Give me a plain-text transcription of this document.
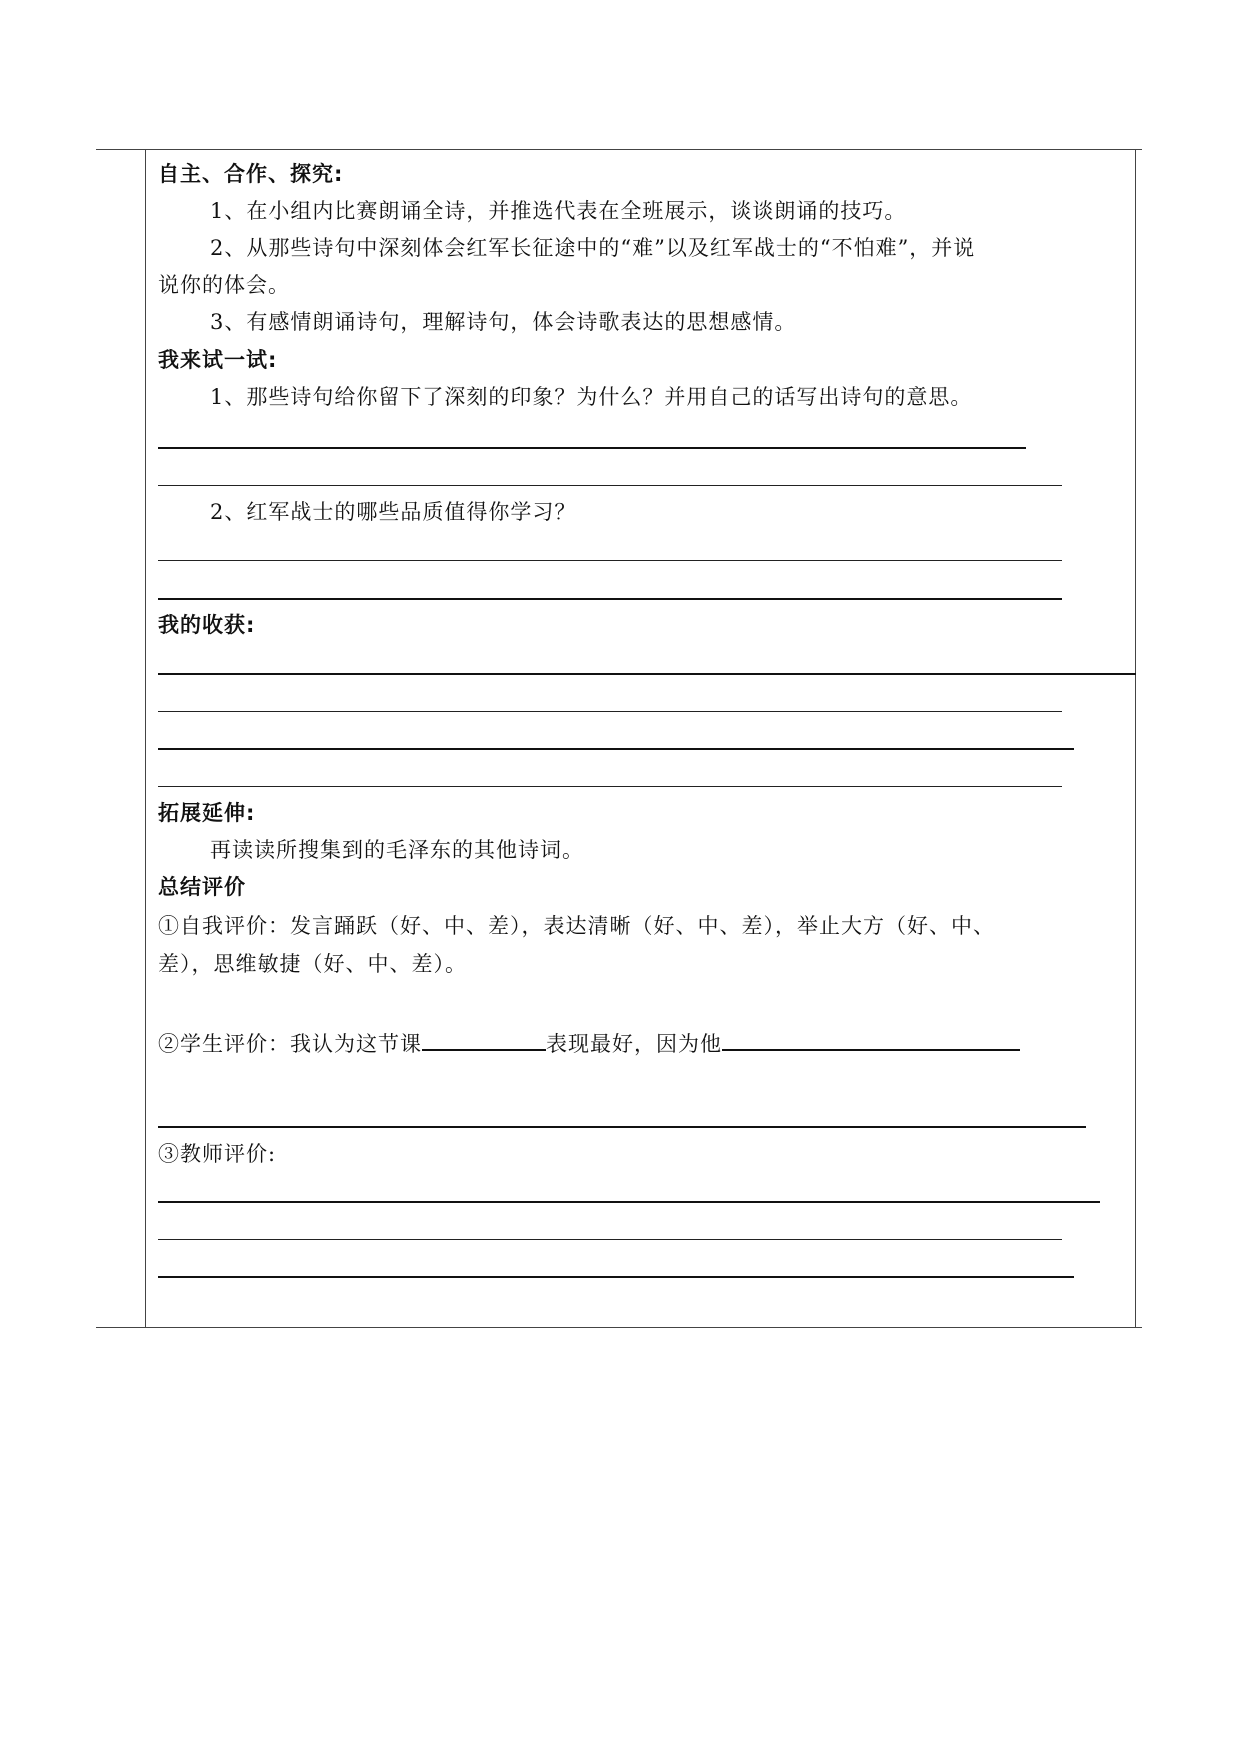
自主、合作、探究:
1、在小组内比赛朗诵全诗，并推选代表在全班展示，谈谈朗诵的技巧。
2、从那些诗句中深刻体会红军长征途中的“难”以及红军战士的“不怕难”，并说
说你的体会。
3、有感情朗诵诗句，理解诗句，体会诗歌表达的思想感情。
我来试一试:
1、那些诗句给你留下了深刻的印象？为什么？并用自己的话写出诗句的意思。
2、红军战士的哪些品质值得你学习？
我的收获:
拓展延伸:
再读读所搜集到的毛泽东的其他诗词。
总结评价
①自我评价：发言踊跃（好、中、差），表达清晰（好、中、差），举止大方（好、中、
差），思维敏捷（好、中、差）。
②学生评价：我认为这节课	表现最好，因为他
③教师评价:
